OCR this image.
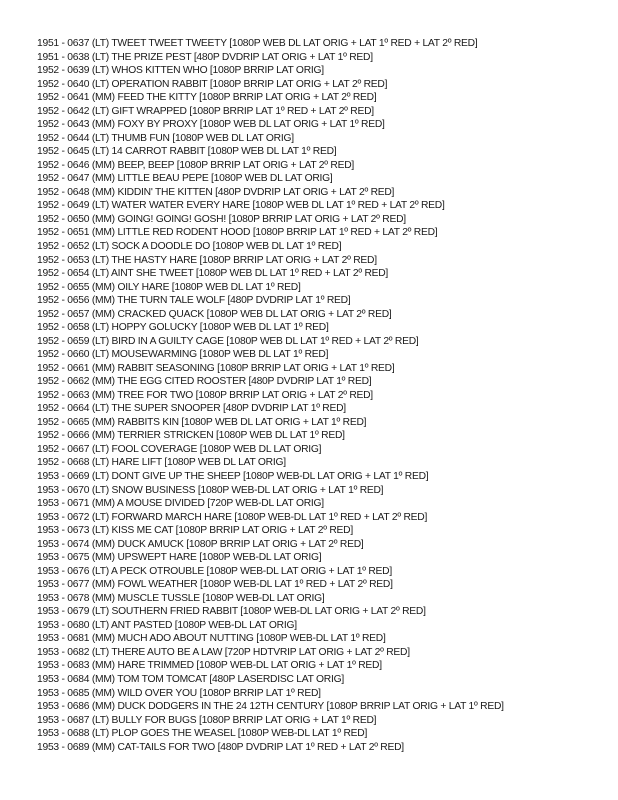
1951 - 0637 (LT) TWEET TWEET TWEETY [1080P WEB DL LAT ORIG + LAT 1º RED + LAT 2º RED]
1951 - 0638 (LT) THE PRIZE PEST [480P DVDRIP LAT ORIG + LAT 1º RED]
1952 - 0639 (LT) WHOS KITTEN WHO [1080P BRRIP LAT ORIG]
1952 - 0640 (LT) OPERATION RABBIT [1080P BRRIP LAT ORIG + LAT 2º RED]
1952 - 0641 (MM) FEED THE KITTY [1080P BRRIP LAT ORIG + LAT 2º RED]
1952 - 0642 (LT) GIFT WRAPPED [1080P BRRIP LAT 1º RED + LAT 2º RED]
1952 - 0643 (MM) FOXY BY PROXY [1080P WEB DL LAT ORIG + LAT 1º RED]
1952 - 0644 (LT) THUMB FUN [1080P WEB DL LAT ORIG]
1952 - 0645 (LT) 14 CARROT RABBIT [1080P WEB DL LAT 1º RED]
1952 - 0646 (MM) BEEP, BEEP [1080P BRRIP LAT ORIG + LAT 2º RED]
1952 - 0647 (MM) LITTLE BEAU PEPE [1080P WEB DL LAT ORIG]
1952 - 0648 (MM) KIDDIN' THE KITTEN [480P DVDRIP LAT ORIG + LAT 2º RED]
1952 - 0649 (LT) WATER WATER EVERY HARE [1080P WEB DL LAT 1º RED + LAT 2º RED]
1952 - 0650 (MM) GOING! GOING! GOSH! [1080P BRRIP LAT ORIG + LAT 2º RED]
1952 - 0651 (MM) LITTLE RED RODENT HOOD [1080P BRRIP LAT 1º RED + LAT 2º RED]
1952 - 0652 (LT) SOCK A DOODLE DO [1080P WEB DL LAT 1º RED]
1952 - 0653 (LT) THE HASTY HARE [1080P BRRIP LAT ORIG + LAT 2º RED]
1952 - 0654 (LT) AINT SHE TWEET [1080P WEB DL LAT 1º RED + LAT 2º RED]
1952 - 0655 (MM) OILY HARE [1080P WEB DL LAT 1º RED]
1952 - 0656 (MM) THE TURN TALE WOLF [480P DVDRIP LAT 1º RED]
1952 - 0657 (MM) CRACKED QUACK [1080P WEB DL LAT ORIG + LAT 2º RED]
1952 - 0658 (LT) HOPPY GOLUCKY [1080P WEB DL LAT 1º RED]
1952 - 0659 (LT) BIRD IN A GUILTY CAGE [1080P WEB DL LAT 1º RED + LAT 2º RED]
1952 - 0660 (LT) MOUSEWARMING [1080P WEB DL LAT 1º RED]
1952 - 0661 (MM) RABBIT SEASONING [1080P BRRIP LAT ORIG + LAT 1º RED]
1952 - 0662 (MM) THE EGG CITED ROOSTER [480P DVDRIP LAT 1º RED]
1952 - 0663 (MM) TREE FOR TWO [1080P BRRIP LAT ORIG + LAT 2º RED]
1952 - 0664 (LT) THE SUPER SNOOPER [480P DVDRIP LAT 1º RED]
1952 - 0665 (MM) RABBITS KIN [1080P WEB DL LAT ORIG + LAT 1º RED]
1952 - 0666 (MM) TERRIER STRICKEN [1080P WEB DL LAT 1º RED]
1952 - 0667 (LT) FOOL COVERAGE [1080P WEB DL LAT ORIG]
1952 - 0668 (LT) HARE LIFT [1080P WEB DL LAT ORIG]
1953 - 0669 (LT) DONT GIVE UP THE SHEEP [1080P WEB-DL LAT ORIG + LAT 1º RED]
1953 - 0670 (LT) SNOW BUSINESS [1080P WEB-DL LAT ORIG + LAT 1º RED]
1953 - 0671 (MM) A MOUSE DIVIDED [720P WEB-DL LAT ORIG]
1953 - 0672 (LT) FORWARD MARCH HARE [1080P WEB-DL LAT 1º RED + LAT 2º RED]
1953 - 0673 (LT) KISS ME CAT [1080P BRRIP LAT ORIG + LAT 2º RED]
1953 - 0674 (MM) DUCK AMUCK [1080P BRRIP LAT ORIG + LAT 2º RED]
1953 - 0675 (MM) UPSWEPT HARE [1080P WEB-DL LAT ORIG]
1953 - 0676 (LT) A PECK OTROUBLE [1080P WEB-DL LAT ORIG + LAT 1º RED]
1953 - 0677 (MM) FOWL WEATHER [1080P WEB-DL LAT 1º RED + LAT 2º RED]
1953 - 0678 (MM) MUSCLE TUSSLE [1080P WEB-DL LAT ORIG]
1953 - 0679 (LT) SOUTHERN FRIED RABBIT [1080P WEB-DL LAT ORIG + LAT 2º RED]
1953 - 0680 (LT) ANT PASTED [1080P WEB-DL LAT ORIG]
1953 - 0681 (MM) MUCH ADO ABOUT NUTTING [1080P WEB-DL LAT 1º RED]
1953 - 0682 (LT) THERE AUTO BE A LAW [720P HDTVRIP LAT ORIG + LAT 2º RED]
1953 - 0683 (MM) HARE TRIMMED [1080P WEB-DL LAT ORIG + LAT 1º RED]
1953 - 0684 (MM) TOM TOM TOMCAT [480P LASERDISC LAT ORIG]
1953 - 0685 (MM) WILD OVER YOU [1080P BRRIP LAT 1º RED]
1953 - 0686 (MM) DUCK DODGERS IN THE 24 12TH CENTURY [1080P BRRIP LAT ORIG + LAT 1º RED]
1953 - 0687 (LT) BULLY FOR BUGS [1080P BRRIP LAT ORIG + LAT 1º RED]
1953 - 0688 (LT) PLOP GOES THE WEASEL [1080P WEB-DL LAT 1º RED]
1953 - 0689 (MM) CAT-TAILS FOR TWO [480P DVDRIP LAT 1º RED + LAT 2º RED]
